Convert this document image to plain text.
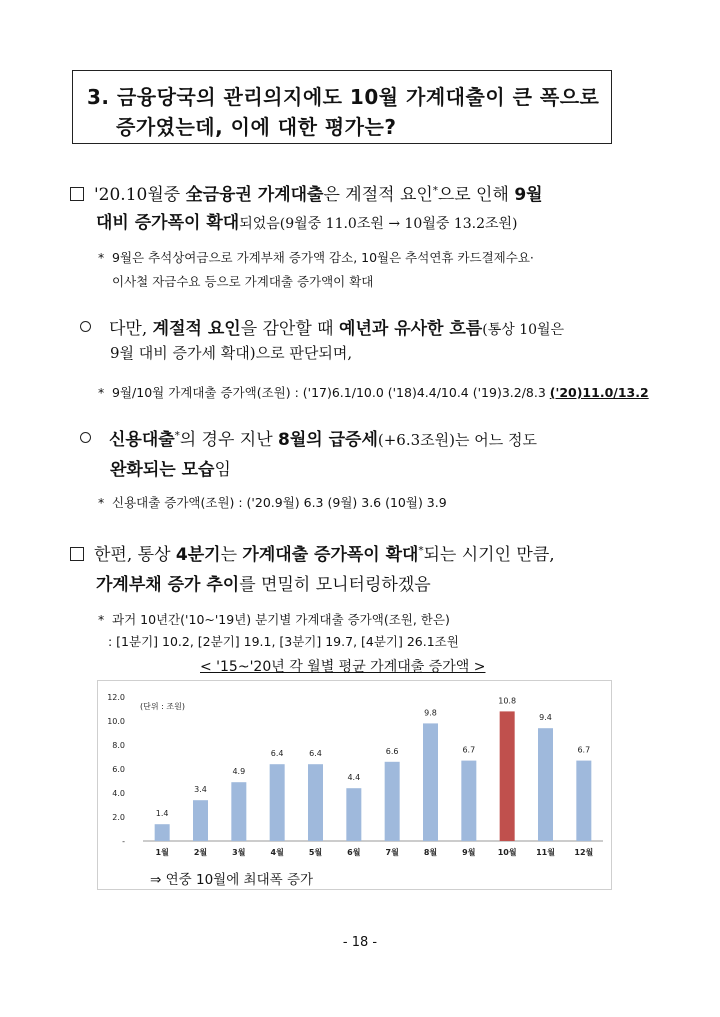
3. 금융당국의 관리의지에도 10월 가계대출이 큰 폭으로
증가였는데, 이에 대한 평가는?
'20.10월중 全금융권 가계대출은 계절적 요인*으로 인해 9월
대비 증가폭이 확대되었음(9월중 11.0조원 → 10월중 13.2조원)
* 9월은 추석상여금으로 가계부채 증가액 감소, 10월은 추석연휴 카드결제수요·
이사철 자금수요 등으로 가계대출 증가액이 확대
다만, 계절적 요인을 감안할 때 예년과 유사한 흐름(통상 10월은
9월 대비 증가세 확대)으로 판단되며,
* 9월/10월 가계대출 증가액(조원) : ('17)6.1/10.0 ('18)4.4/10.4 ('19)3.2/8.3 ('20)11.0/13.2
신용대출*의 경우 지난 8월의 급증세(+6.3조원)는 어느 정도
완화되는 모습임
* 신용대출 증가액(조원) : ('20.9월) 6.3 (9월) 3.6 (10월) 3.9
한편, 통상 4분기는 가계대출 증가폭이 확대*되는 시기인 만큼,
가계부채 증가 추이를 면밀히 모니터링하겠음
* 과거 10년간('10~'19년) 분기별 가계대출 증가액(조원, 한은)
: [1분기] 10.2, [2분기] 19.1, [3분기] 19.7, [4분기] 26.1조원
< '15~'20년 각 월별 평균 가계대출 증가액 >
12.0
10.0
8.0
6.0
4.0
2.0
-
(단위 : 조원)
1.4
1월
3.4
2월
4.9
3월
6.4
4월
6.4
5월
4.4
6월
6.6
7월
9.8
8월
6.7
9월
10.8
10월
9.4
11월
6.7
12월
⇒ 연중 10월에 최대폭 증가
- 18 -
